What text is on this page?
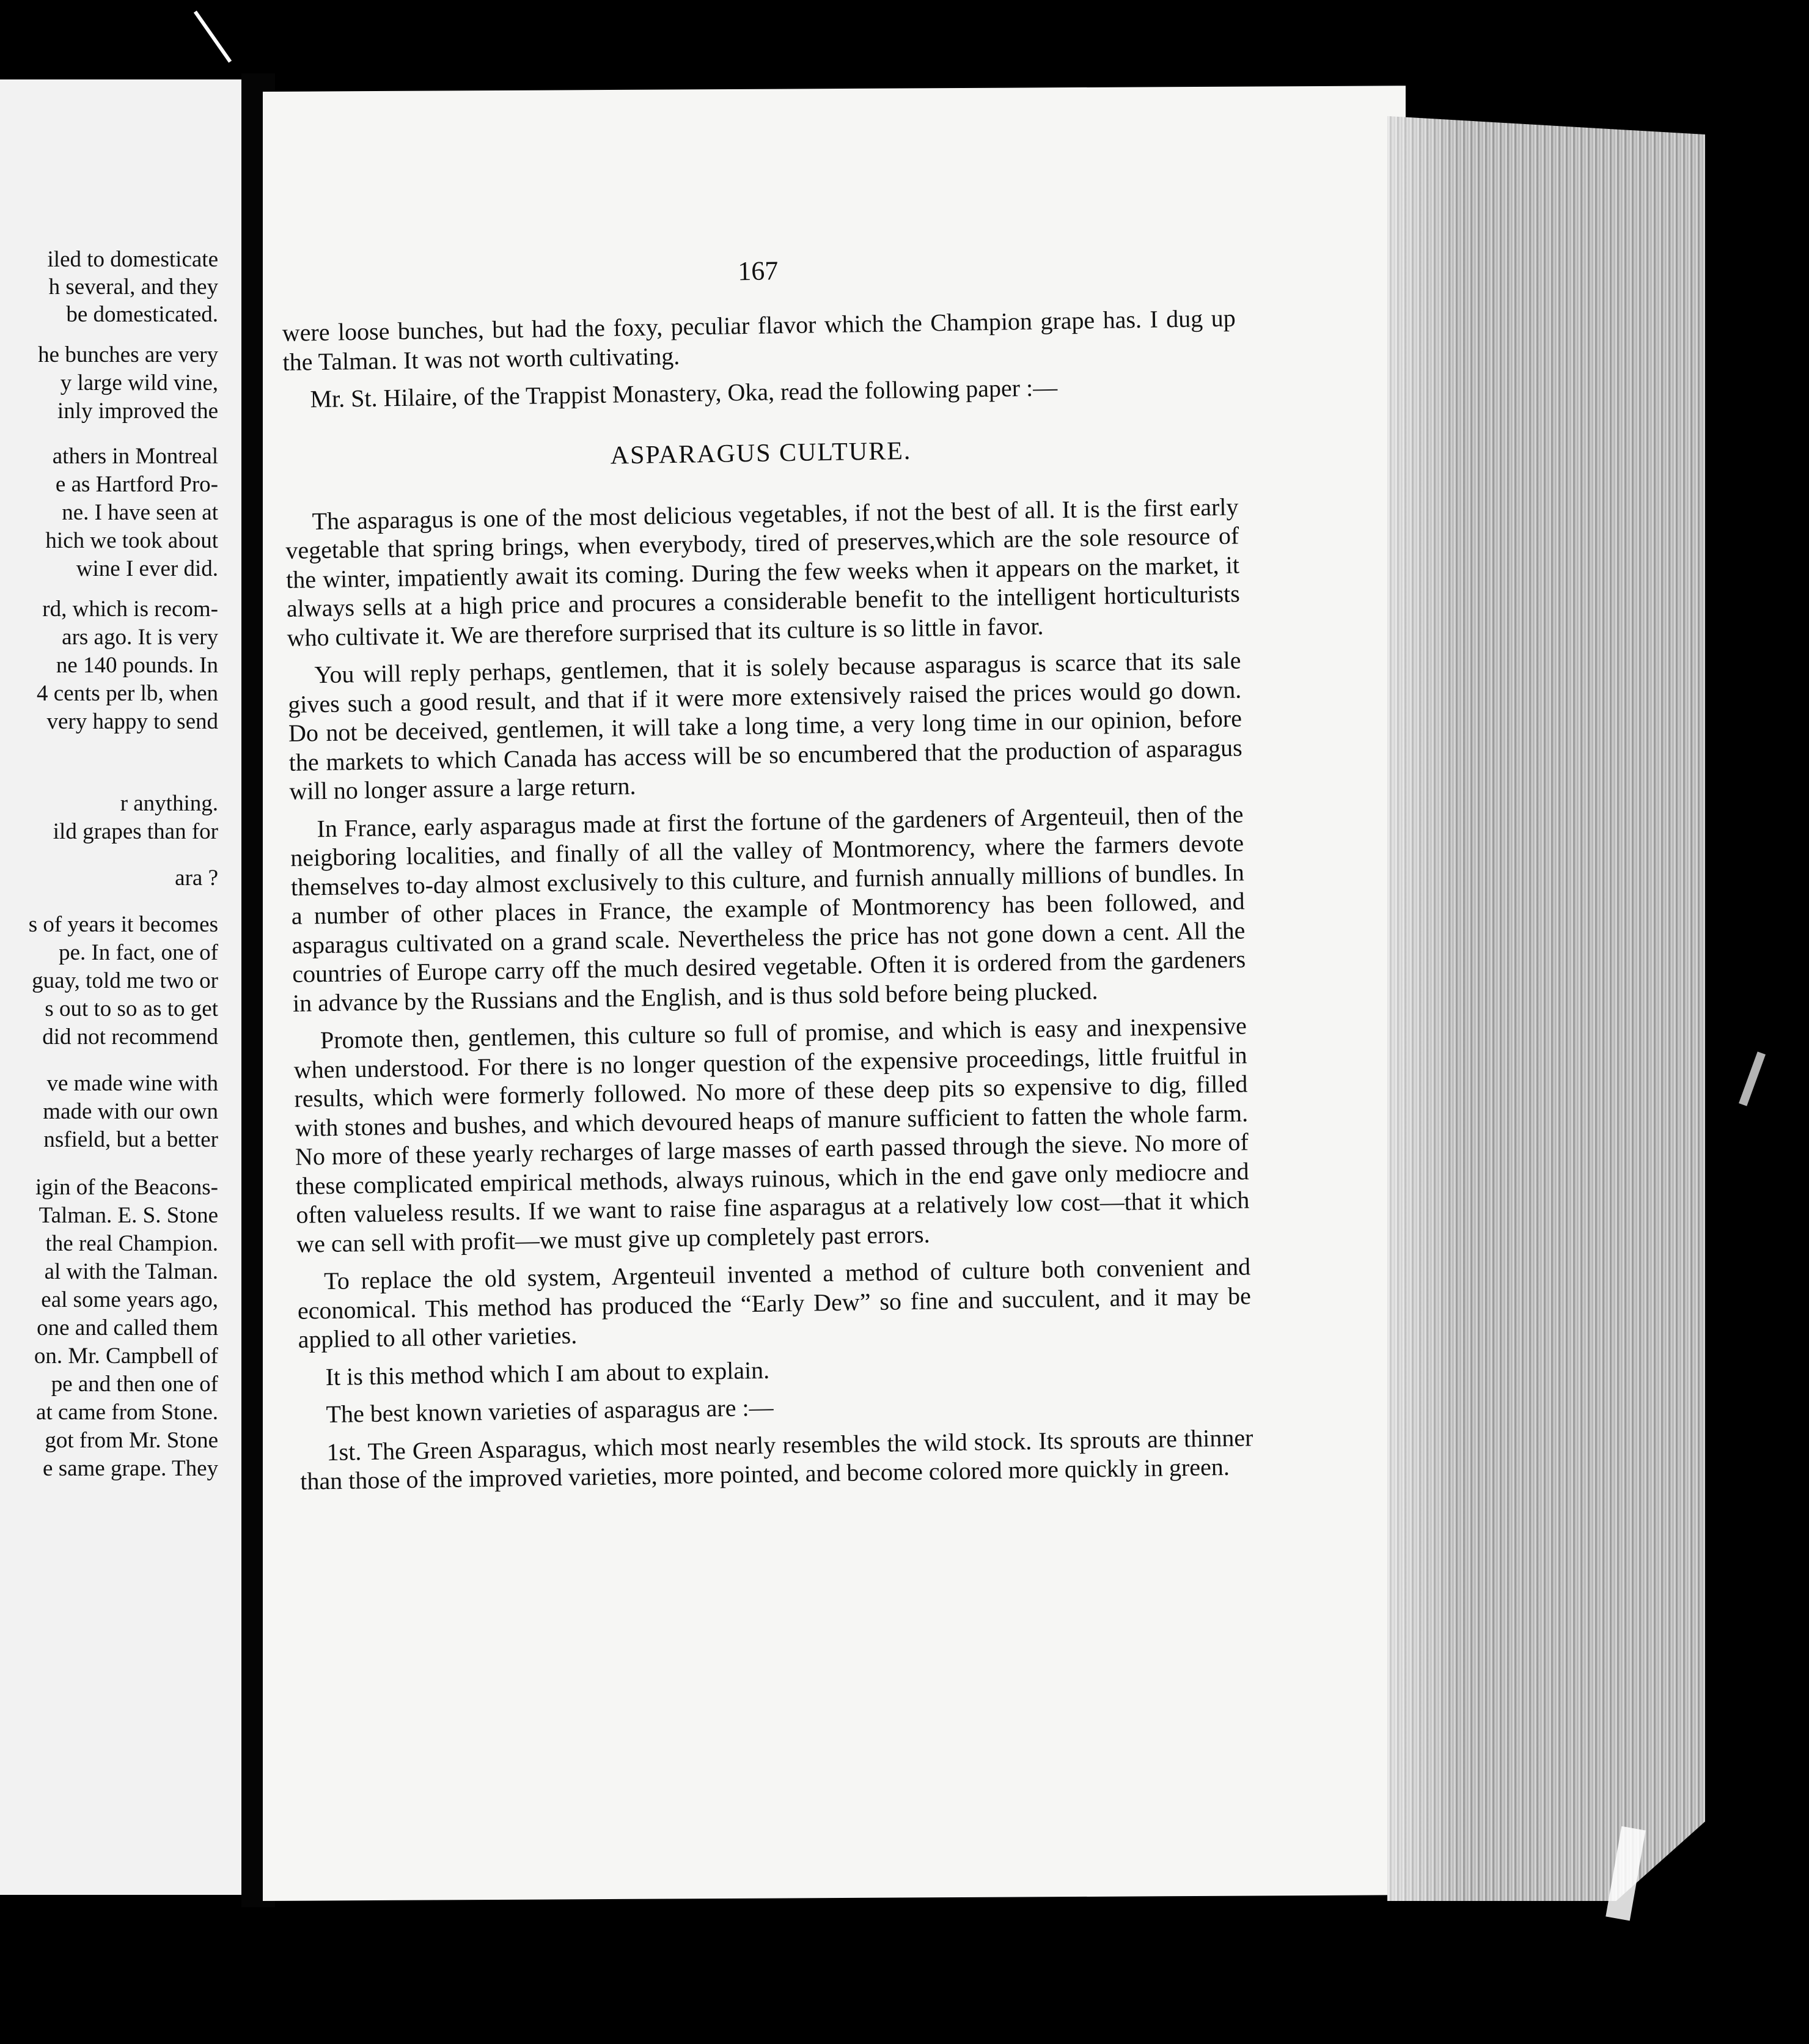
iled to domesticate
h several, and they
be domesticated.
he bunches are very
y large wild vine,
inly improved the
athers in Montreal
e as Hartford Pro-
ne. I have seen at
hich we took about
wine I ever did.
rd, which is recom-
ars ago. It is very
ne 140 pounds. In
4 cents per lb, when
very happy to send
r anything.
ild grapes than for
ara ?
s of years it becomes
pe. In fact, one of
guay, told me two or
s out to so as to get
did not recommend
ve made wine with
made with our own
nsfield, but a better
igin of the Beacons-
Talman. E. S. Stone
the real Champion.
al with the Talman.
eal some years ago,
one and called them
on. Mr. Campbell of
pe and then one of
at came from Stone.
got from Mr. Stone
e same grape. They
167

were loose bunches, but had the foxy, peculiar flavor which the Champion grape has. I dug up the Talman. It was not worth cultivating.

Mr. St. Hilaire, of the Trappist Monastery, Oka, read the following paper :—

ASPARAGUS CULTURE.

The asparagus is one of the most delicious vegetables, if not the best of all. It is the first early vegetable that spring brings, when everybody, tired of preserves,which are the sole resource of the winter, impatiently await its coming. During the few weeks when it appears on the market, it always sells at a high price and procures a considerable benefit to the intelligent horticulturists who cultivate it. We are therefore surprised that its culture is so little in favor.

You will reply perhaps, gentlemen, that it is solely because asparagus is scarce that its sale gives such a good result, and that if it were more extensively raised the prices would go down. Do not be deceived, gentlemen, it will take a long time, a very long time in our opinion, before the markets to which Canada has access will be so encumbered that the production of asparagus will no longer assure a large return.

In France, early asparagus made at first the fortune of the gardeners of Argenteuil, then of the neigboring localities, and finally of all the valley of Montmorency, where the farmers devote themselves to-day almost exclusively to this culture, and furnish annually millions of bundles. In a number of other places in France, the example of Montmorency has been followed, and asparagus cultivated on a grand scale. Nevertheless the price has not gone down a cent. All the countries of Europe carry off the much desired vegetable. Often it is ordered from the gardeners in advance by the Russians and the English, and is thus sold before being plucked.

Promote then, gentlemen, this culture so full of promise, and which is easy and inexpensive when understood. For there is no longer question of the expensive proceedings, little fruitful in results, which were formerly followed. No more of these deep pits so expensive to dig, filled with stones and bushes, and which devoured heaps of manure sufficient to fatten the whole farm. No more of these yearly recharges of large masses of earth passed through the sieve. No more of these complicated empirical methods, always ruinous, which in the end gave only mediocre and often valueless results. If we want to raise fine asparagus at a relatively low cost—that it which we can sell with profit—we must give up completely past errors.

To replace the old system, Argenteuil invented a method of culture both convenient and economical. This method has produced the “Early Dew” so fine and succulent, and it may be applied to all other varieties.

It is this method which I am about to explain.

The best known varieties of asparagus are :—

1st. The Green Asparagus, which most nearly resembles the wild stock. Its sprouts are thinner than those of the improved varieties, more pointed, and become colored more quickly in green.
